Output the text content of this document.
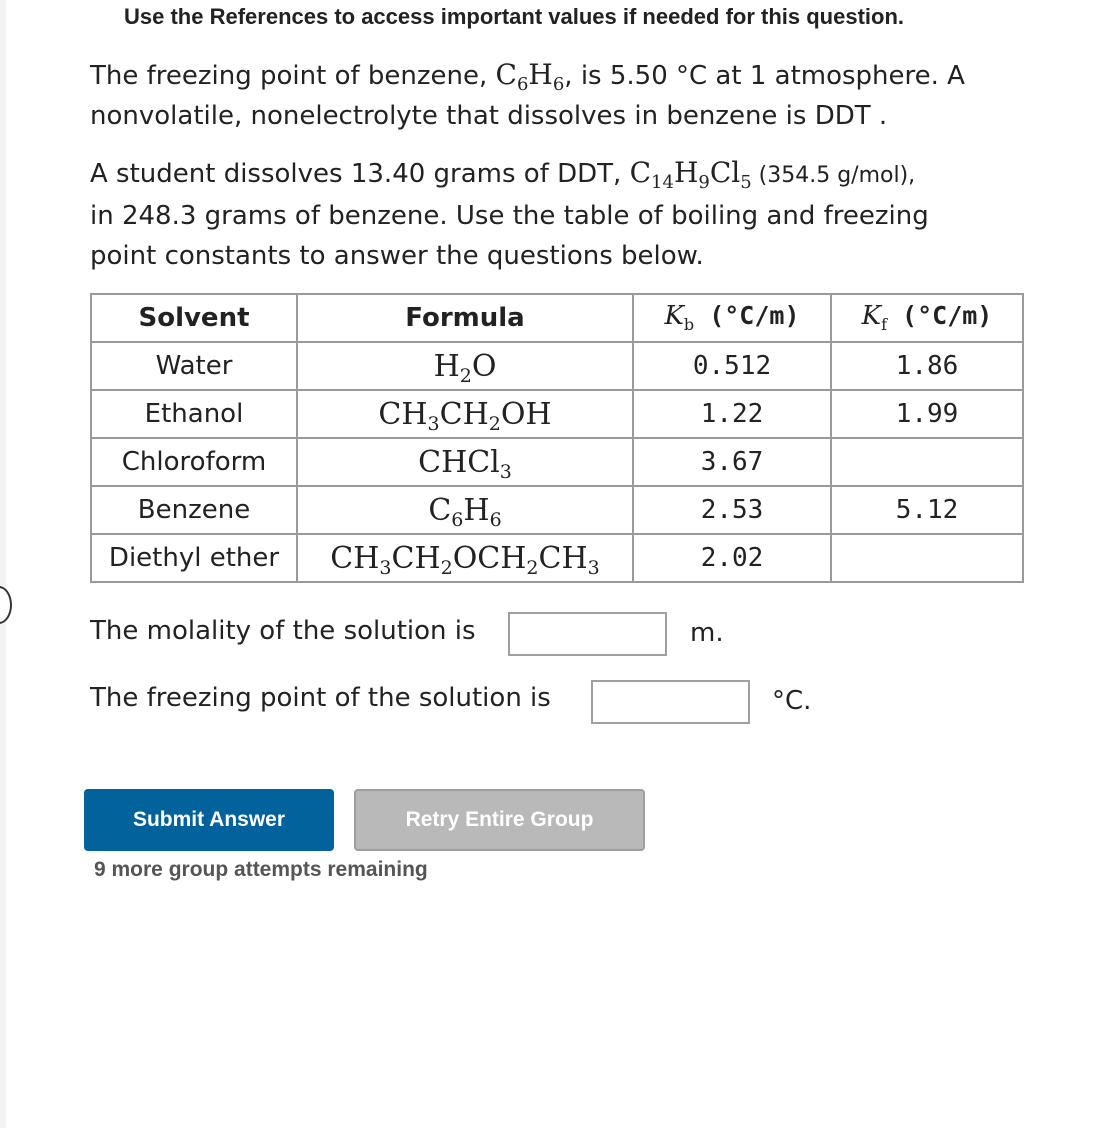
Use the References to access important values if needed for this question.
The freezing point of benzene, $C_6H_6$, is 5.50 °C at 1 atmosphere. A
nonvolatile, nonelectrolyte that dissolves in benzene is DDT .
A student dissolves 13.40 grams of DDT, $C_{14}H_9Cl_5$ (354.5 g/mol),
in 248.3 grams of benzene. Use the table of boiling and freezing
point constants to answer the questions below.
Solvent	Formula	$K_b$ (°C/m)	$K_f$ (°C/m)
Water	$H_2O$	0.512	1.86
Ethanol	$CH_3CH_2OH$	1.22	1.99
Chloroform	CHCl$_3$	3.67	
Benzene	$C_6H_6$	2.53	5.12
Diethyl ether	$CH_3CH_2OCH_2CH_3$	2.02	
The molality of the solution is	m.
The freezing point of the solution is	°C.
Submit Answer	Retry Entire Group
9 more group attempts remaining
